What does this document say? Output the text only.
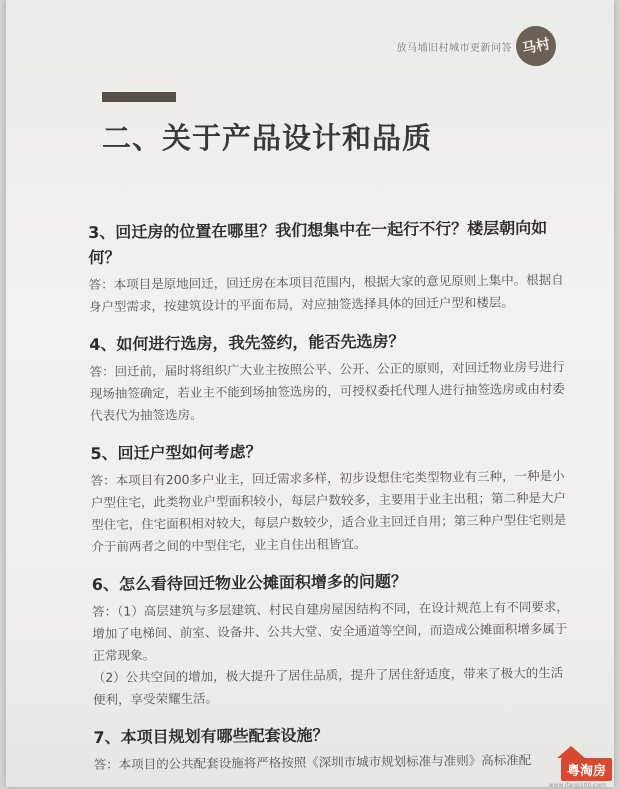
放马埔旧村城市更新问答 马村
二、关于产品设计和品质

3、回迁房的位置在哪里？我们想集中在一起行不行？楼层朝向如何？

答：本项目是原地回迁，回迁房在本项目范围内，根据大家的意见原则上集中。根据自身户型需求，按建筑设计的平面布局，对应抽签选择具体的回迁户型和楼层。

4、如何进行选房，我先签约，能否先选房？

答：回迁前，届时将组织广大业主按照公平、公开、公正的原则，对回迁物业房号进行现场抽签确定，若业主不能到场抽签选房的，可授权委托代理人进行抽签选房或由村委代表代为抽签选房。

5、回迁户型如何考虑？

答：本项目有200多户业主，回迁需求多样，初步设想住宅类型物业有三种，一种是小户型住宅，此类物业户型面积较小，每层户数较多，主要用于业主出租；第二种是大户型住宅，住宅面积相对较大，每层户数较少，适合业主回迁自用；第三种户型住宅则是介于前两者之间的中型住宅，业主自住出租皆宜。

6、怎么看待回迁物业公摊面积增多的问题？

答：（1）高层建筑与多层建筑、村民自建房屋因结构不同，在设计规范上有不同要求，增加了电梯间、前室、设备井、公共大堂、安全通道等空间，而造成公摊面积增多属于正常现象。

（2）公共空间的增加，极大提升了居住品质，提升了居住舒适度，带来了极大的生活便利，享受荣耀生活。

7、本项目规划有哪些配套设施？

答：本项目的公共配套设施将严格按照《深圳市城市规划标准与准则》高标准配	粤淘房
www.ifang100.com
